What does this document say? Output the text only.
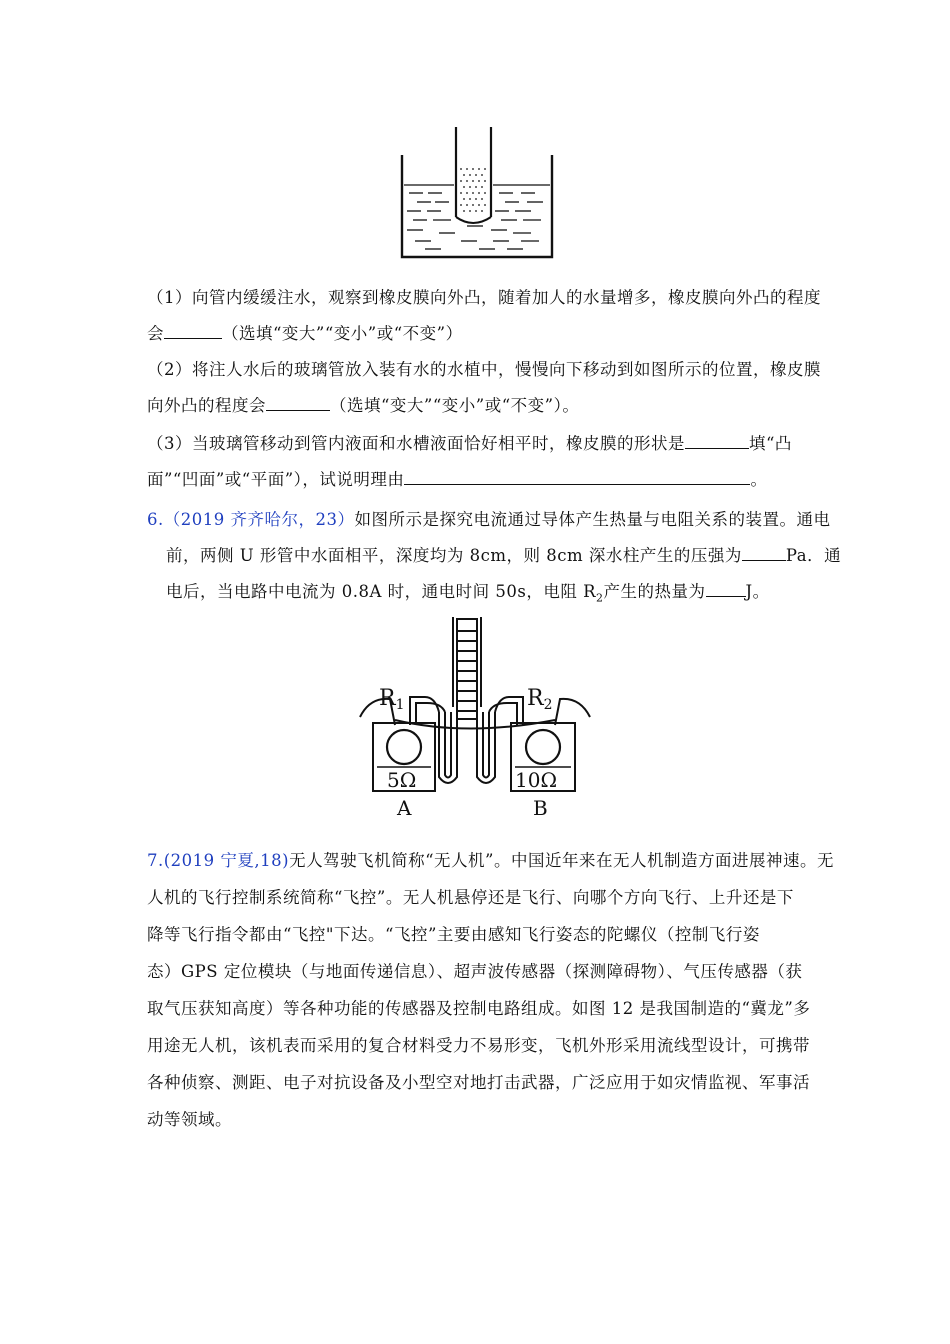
（1）向管内缓缓注水，观察到橡皮膜向外凸，随着加人的水量增多，橡皮膜向外凸的程度
会	（选填“变大”“变小”或“不变”）
（2）将注人水后的玻璃管放入装有水的水植中，慢慢向下移动到如图所示的位置，橡皮膜
向外凸的程度会	（选填“变大”“变小”或“不变”）。
（3）当玻璃管移动到管内液面和水槽液面恰好相平时，橡皮膜的形状是	填“凸
面”“凹面”或“平面”），试说明理由	。
6.（2019 齐齐哈尔，23）如图所示是探究电流通过导体产生热量与电阻关系的装置。通电
前，两侧 U 形管中水面相平，深度均为 8cm，则 8cm 深水柱产生的压强为	Pa．通
电后，当电路中电流为 0.8A 时，通电时间 50s，电阻 $R_2$产生的热量为 J。
R1	R2
5Ω	10Ω
A	B
7.(2019 宁夏,18)无人驾驶飞机简称“无人机”。中国近年来在无人机制造方面进展神速。无
人机的飞行控制系统简称“飞控”。无人机悬停还是飞行、向哪个方向飞行、上升还是下
降等飞行指令都由“飞控"下达。“飞控”主要由感知飞行姿态的陀螺仪（控制飞行姿
态）GPS 定位模块（与地面传递信息）、超声波传感器（探测障碍物）、气压传感器（获
取气压获知高度）等各种功能的传感器及控制电路组成。如图 12 是我国制造的“冀龙”多
用途无人机，该机表而采用的复合材料受力不易形变，飞机外形采用流线型设计，可携带
各种侦察、测距、电子对抗设备及小型空对地打击武器，广泛应用于如灾情监视、军事活
动等领域。
